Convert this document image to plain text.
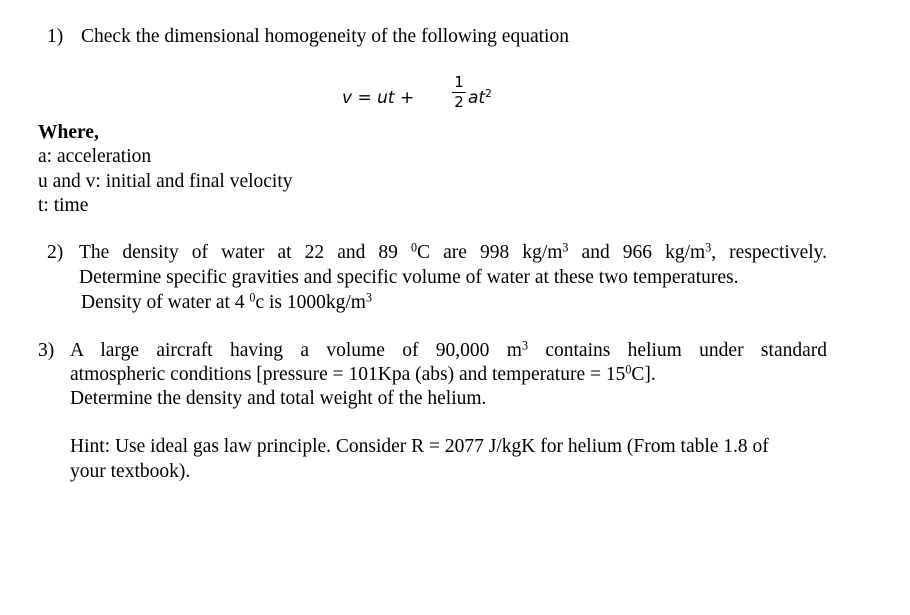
1) Check the dimensional homogeneity of the following equation
v = ut +
1
2 $at^2$
Where,
a: acceleration
u and v: initial and final velocity
t: time
2) The density of water at 22 and 89 $^0$C are 998 $kg/m^3$ and 966 $kg/m^3$, respectively.
Determine specific gravities and specific volume of water at these two temperatures.
Density of water at 4 $^0$c is $1000kg/m^3$
3) A large aircraft having a volume of 90,000 $m^3$ contains helium under standard
atmospheric conditions [pressure = 101Kpa (abs) and temperature = $15^0C$].
Determine the density and total weight of the helium.
Hint: Use ideal gas law principle. Consider R = 2077 J/kgK for helium (From table 1.8 of
your textbook).
